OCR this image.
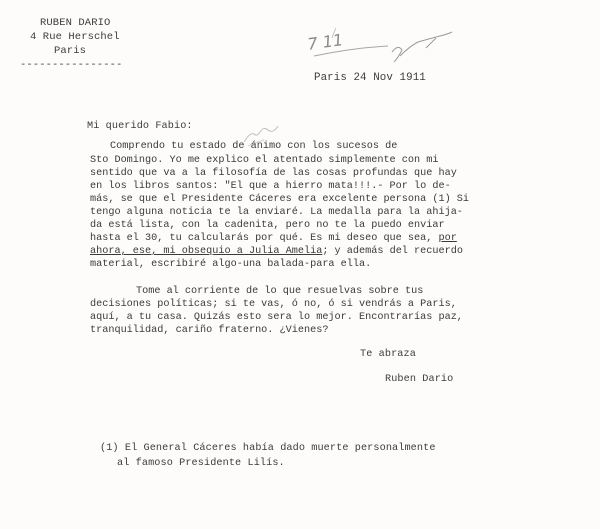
RUBEN DARIO
4 Rue Herschel
Paris
----------------
7 11
Paris 24 Nov 1911
Mi querido Fabio:
Comprendo tu estado de ánimo con los sucesos de
Sto Domingo. Yo me explico el atentado simplemente con mi
sentido que va a la filosofía de las cosas profundas que hay
en los libros santos: "El que a hierro mata!!!.- Por lo de-
más, se que el Presidente Cáceres era excelente persona (1) Si
tengo alguna noticia te la enviaré. La medalla para la ahija-
da está lista, con la cadenita, pero no te la puedo enviar
hasta el 30, tu calcularás por qué. Es mi deseo que sea, por
ahora, ese, mi obsequio a Julia Amelia; y además del recuerdo
material, escribiré algo-una balada-para ella.
Tome al corriente de lo que resuelvas sobre tus
decisiones políticas; si te vas, ó no, ó si vendrás a Paris,
aquí, a tu casa. Quizás esto sera lo mejor. Encontrarías paz,
tranquilidad, cariño fraterno. ¿Vienes?
Te abraza
Ruben Dario
(1) El General Cáceres había dado muerte personalmente
al famoso Presidente Lilís.
